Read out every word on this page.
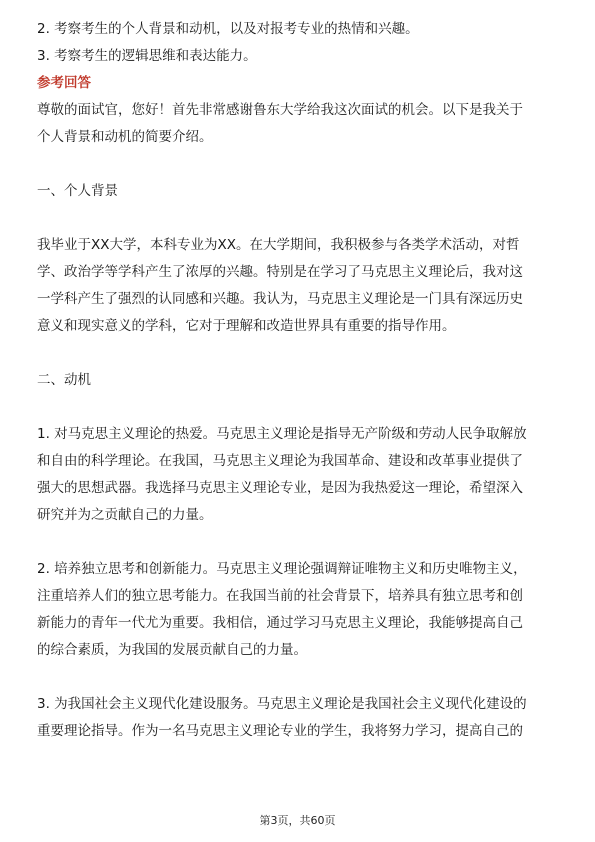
2. 考察考生的个人背景和动机，以及对报考专业的热情和兴趣。
3. 考察考生的逻辑思维和表达能力。
参考回答
尊敬的面试官，您好！首先非常感谢鲁东大学给我这次面试的机会。以下是我关于
个人背景和动机的简要介绍。
一、个人背景
我毕业于XX大学，本科专业为XX。在大学期间，我积极参与各类学术活动，对哲
学、政治学等学科产生了浓厚的兴趣。特别是在学习了马克思主义理论后，我对这
一学科产生了强烈的认同感和兴趣。我认为，马克思主义理论是一门具有深远历史
意义和现实意义的学科，它对于理解和改造世界具有重要的指导作用。
二、动机
1. 对马克思主义理论的热爱。马克思主义理论是指导无产阶级和劳动人民争取解放
和自由的科学理论。在我国，马克思主义理论为我国革命、建设和改革事业提供了
强大的思想武器。我选择马克思主义理论专业，是因为我热爱这一理论，希望深入
研究并为之贡献自己的力量。
2. 培养独立思考和创新能力。马克思主义理论强调辩证唯物主义和历史唯物主义，
注重培养人们的独立思考能力。在我国当前的社会背景下，培养具有独立思考和创
新能力的青年一代尤为重要。我相信，通过学习马克思主义理论，我能够提高自己
的综合素质，为我国的发展贡献自己的力量。
3. 为我国社会主义现代化建设服务。马克思主义理论是我国社会主义现代化建设的
重要理论指导。作为一名马克思主义理论专业的学生，我将努力学习，提高自己的
第3页，共60页
